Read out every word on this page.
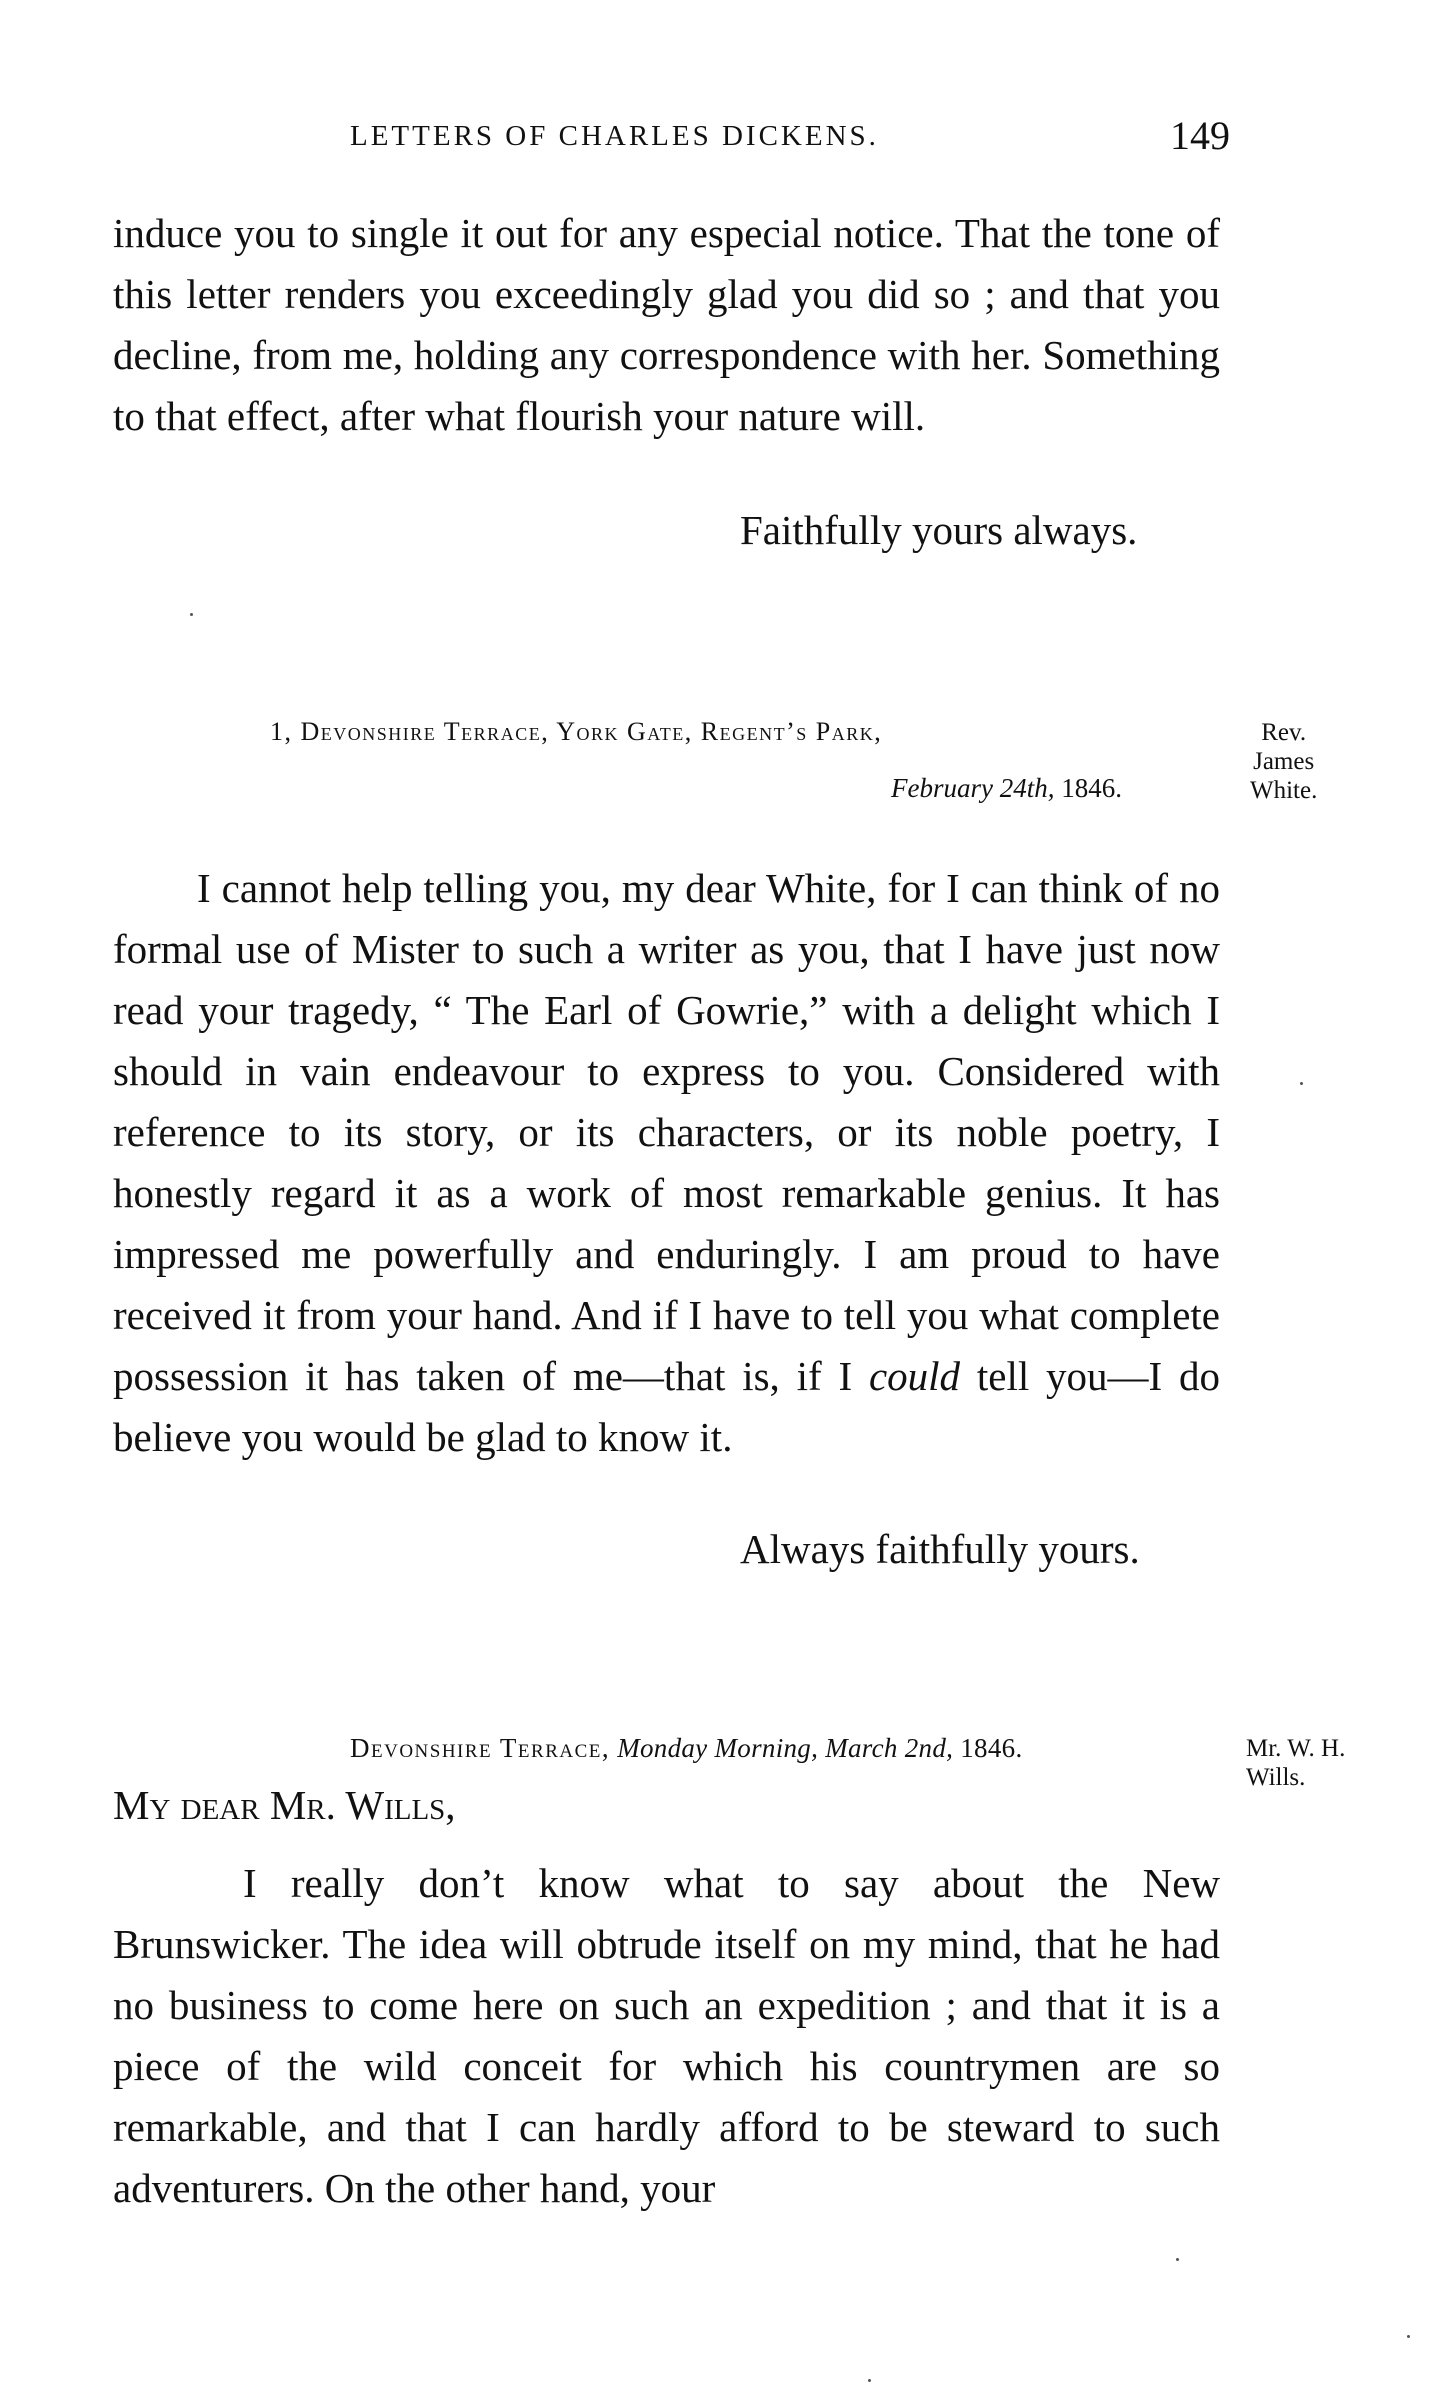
LETTERS OF CHARLES DICKENS.	149

induce you to single it out for any especial notice. That the tone of this letter renders you exceedingly glad you did so ; and that you decline, from me, holding any correspondence with her. Something to that effect, after what flourish your nature will.

Faithfully yours always.
1, Devonshire Terrace, York Gate, Regent’s Park,
February 24th, 1846.
Rev.
James
White.

I cannot help telling you, my dear White, for I can think of no formal use of Mister to such a writer as you, that I have just now read your tragedy, “ The Earl of Gowrie,” with a delight which I should in vain endeavour to express to you. Considered with reference to its story, or its characters, or its noble poetry, I honestly regard it as a work of most remarkable genius. It has impressed me powerfully and enduringly. I am proud to have received it from your hand. And if I have to tell you what complete possession it has taken of me—that is, if I could tell you—I do believe you would be glad to know it.

Always faithfully yours.
Devonshire Terrace, Monday Morning, March 2nd, 1846.	Mr. W. H.
Wills.
My dear Mr. Wills,

I really don’t know what to say about the New Brunswicker. The idea will obtrude itself on my mind, that he had no business to come here on such an expedition ; and that it is a piece of the wild conceit for which his countrymen are so remarkable, and that I can hardly afford to be steward to such adventurers. On the other hand, your
